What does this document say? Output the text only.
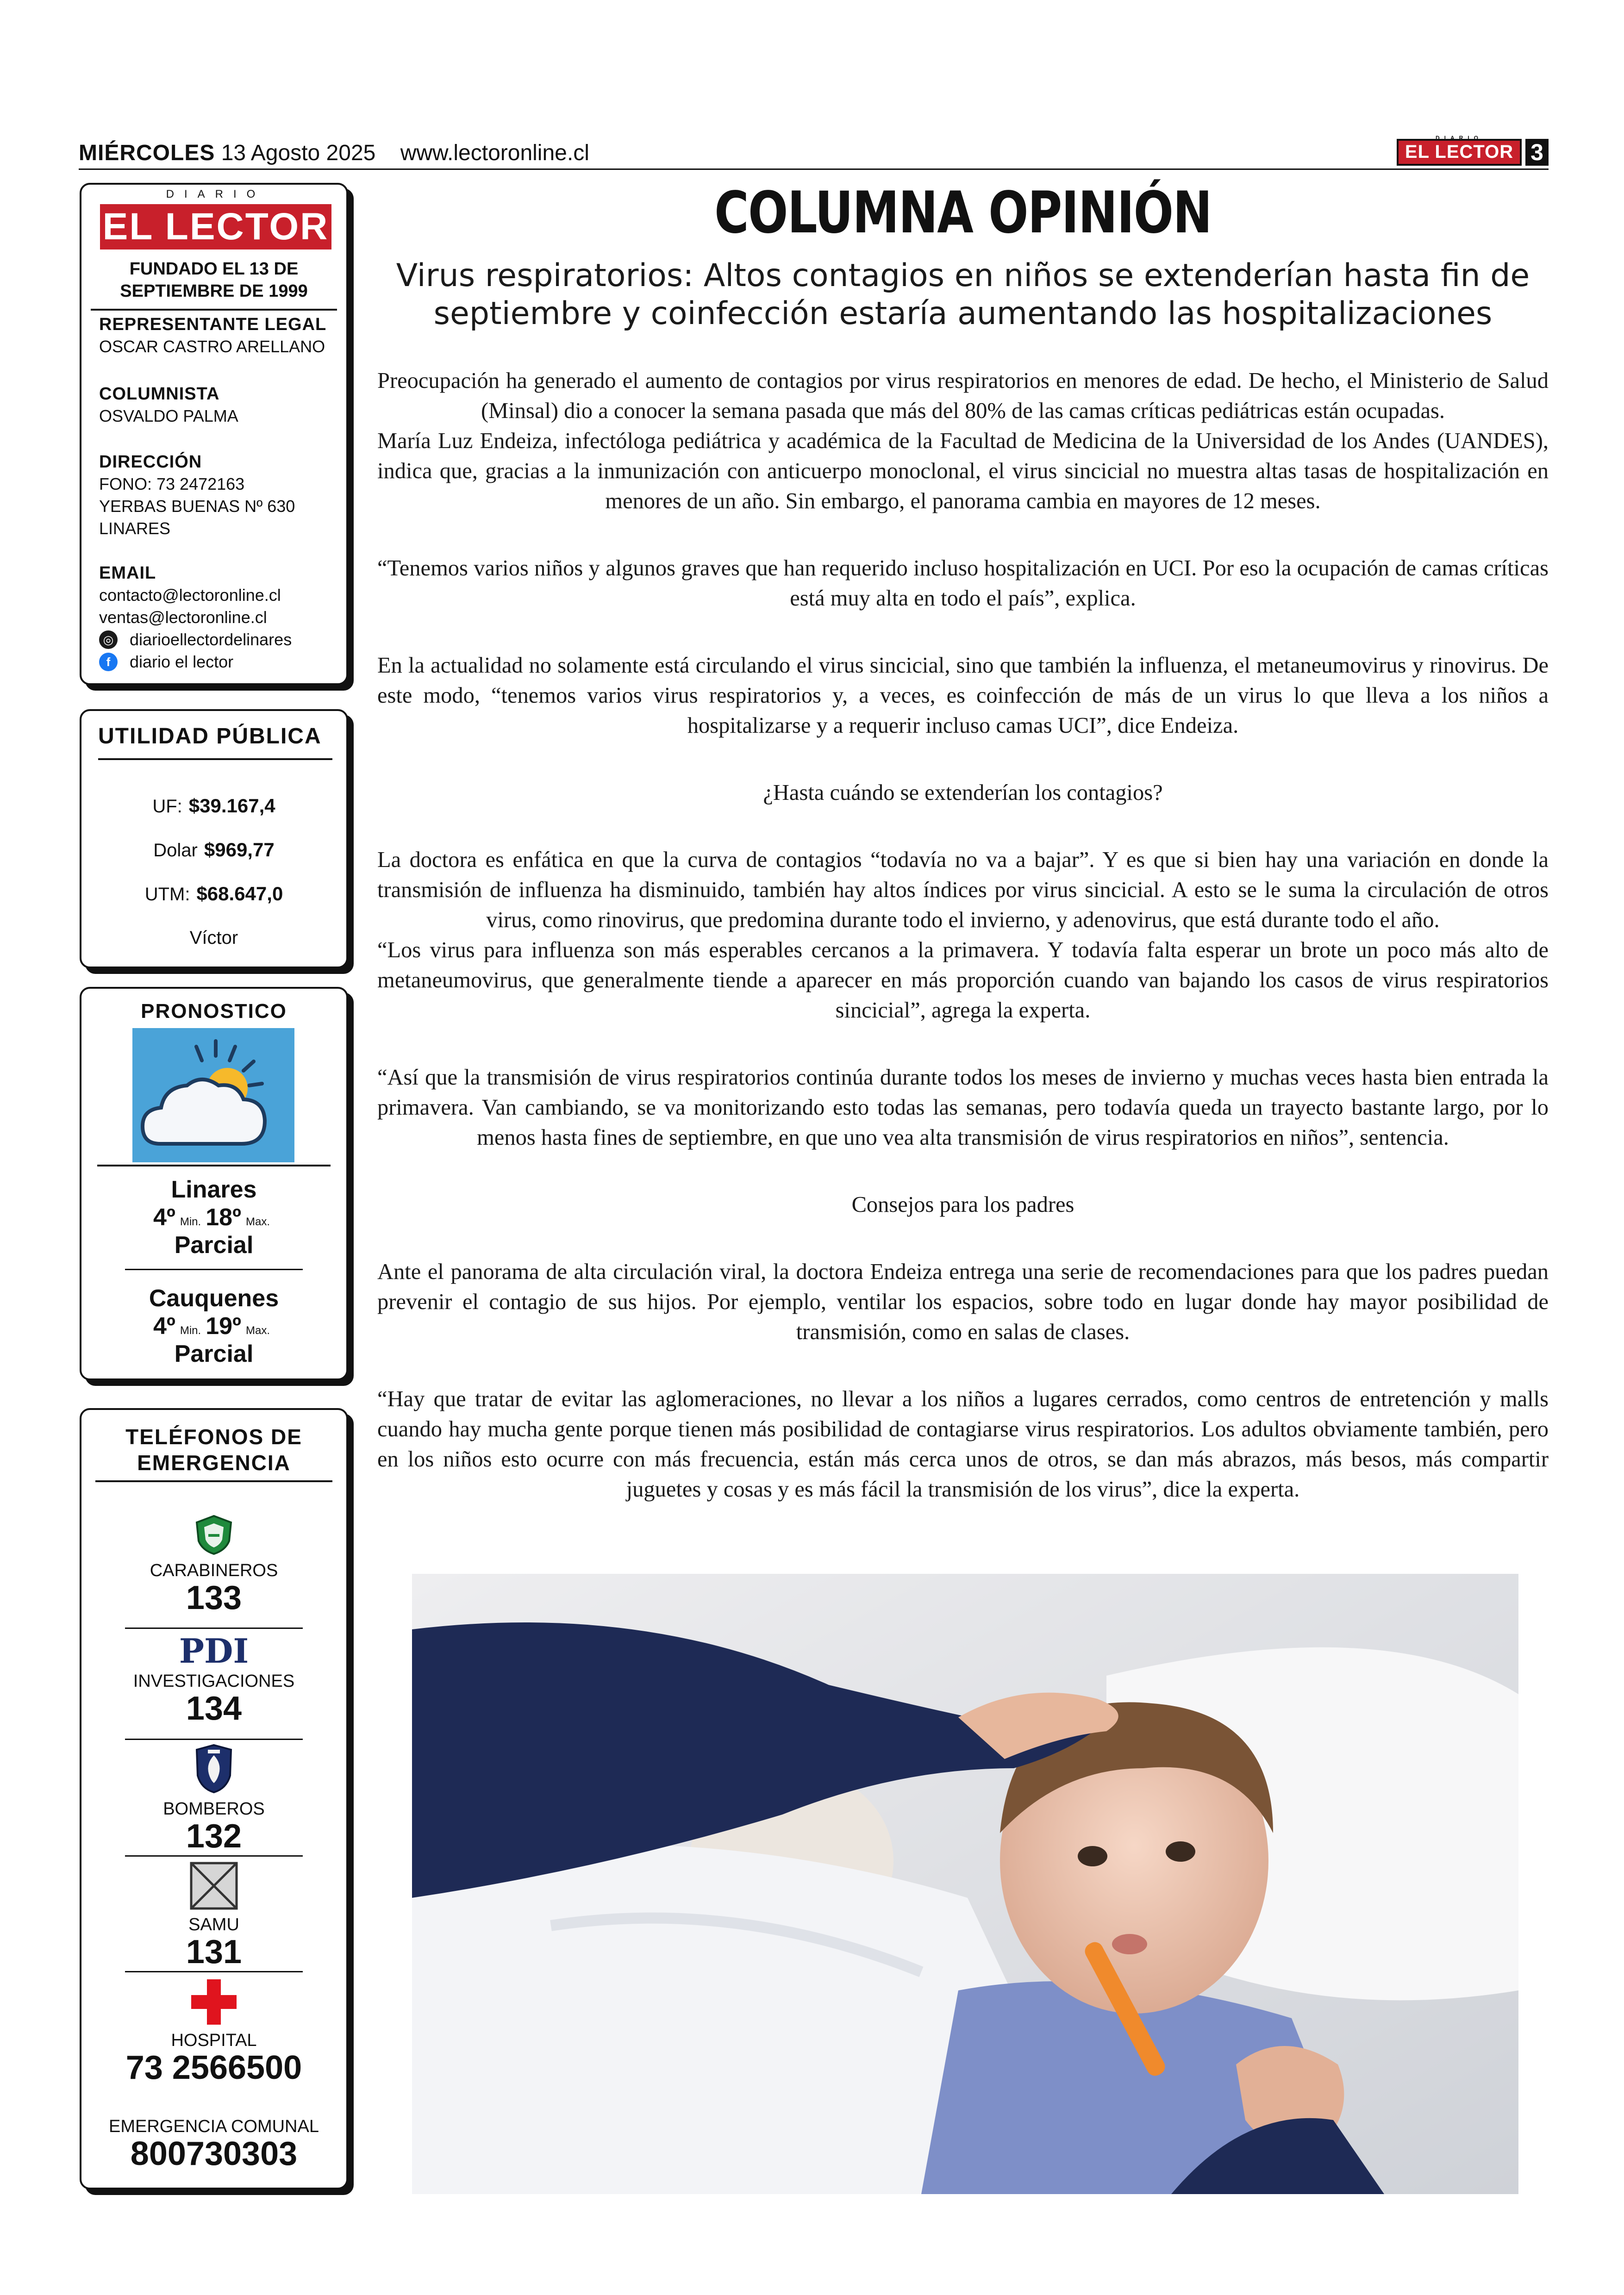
MIÉRCOLES 13 Agosto 2025 www.lectoronline.cl
DIARIO
EL LECTOR 3
DIARIO
EL LECTOR
FUNDADO EL 13 DE SEPTIEMBRE DE 1999
REPRESENTANTE LEGAL
OSCAR CASTRO ARELLANO
COLUMNISTA
OSVALDO PALMA
DIRECCIÓN
FONO: 73 2472163
YERBAS BUENAS Nº 630
LINARES
EMAIL
contacto@lectoronline.cl
ventas@lectoronline.cl
◎ diarioellectordelinares
f	diario el lector
UTILIDAD PÚBLICA
UF: $39.167,4
Dolar $969,77
UTM: $68.647,0
Víctor
PRONOSTICO
Linares
4º Min. 18º Max.
Parcial
Cauquenes
4º Min. 19º Max.
Parcial
TELÉFONOS DE EMERGENCIA
CARABINEROS
133
PDI
INVESTIGACIONES
134
BOMBEROS
132
SAMU
131
HOSPITAL
73 2566500
EMERGENCIA COMUNAL
800730303
COLUMNA OPINIÓN
Virus respiratorios: Altos contagios en niños se extenderían hasta fin de septiembre y coinfección estaría aumentando las hospitalizaciones

Preocupación ha generado el aumento de contagios por virus respiratorios en menores de edad. De hecho, el Ministerio de Salud (Minsal) dio a conocer la semana pasada que más del 80% de las camas críticas pediátricas están ocupadas.

María Luz Endeiza, infectóloga pediátrica y académica de la Facultad de Medicina de la Universidad de los Andes (UANDES), indica que, gracias a la inmunización con anticuerpo monoclonal, el virus sincicial no muestra altas tasas de hospitalización en menores de un año. Sin embargo, el panorama cambia en mayores de 12 meses.

“Tenemos varios niños y algunos graves que han requerido incluso hospitalización en UCI. Por eso la ocupación de camas críticas está muy alta en todo el país”, explica.

En la actualidad no solamente está circulando el virus sincicial, sino que también la influenza, el metaneumovirus y rinovirus. De este modo, “tenemos varios virus respiratorios y, a veces, es coinfección de más de un virus lo que lleva a los niños a hospitalizarse y a requerir incluso camas UCI”, dice Endeiza.

¿Hasta cuándo se extenderían los contagios?

La doctora es enfática en que la curva de contagios “todavía no va a bajar”. Y es que si bien hay una variación en donde la transmisión de influenza ha disminuido, también hay altos índices por virus sincicial. A esto se le suma la circulación de otros virus, como rinovirus, que predomina durante todo el invierno, y adenovirus, que está durante todo el año.

“Los virus para influenza son más esperables cercanos a la primavera. Y todavía falta esperar un brote un poco más alto de metaneumovirus, que generalmente tiende a aparecer en más proporción cuando van bajando los casos de virus respiratorios sincicial”, agrega la experta.

“Así que la transmisión de virus respiratorios continúa durante todos los meses de invierno y muchas veces hasta bien entrada la primavera. Van cambiando, se va monitorizando esto todas las semanas, pero todavía queda un trayecto bastante largo, por lo menos hasta fines de septiembre, en que uno vea alta transmisión de virus respiratorios en niños”, sentencia.

Consejos para los padres

Ante el panorama de alta circulación viral, la doctora Endeiza entrega una serie de recomendaciones para que los padres puedan prevenir el contagio de sus hijos. Por ejemplo, ventilar los espacios, sobre todo en lugar donde hay mayor posibilidad de transmisión, como en salas de clases.

“Hay que tratar de evitar las aglomeraciones, no llevar a los niños a lugares cerrados, como centros de entretención y malls cuando hay mucha gente porque tienen más posibilidad de contagiarse virus respiratorios. Los adultos obviamente también, pero en los niños esto ocurre con más frecuencia, están más cerca unos de otros, se dan más abrazos, más besos, más compartir juguetes y cosas y es más fácil la transmisión de los virus”, dice la experta.
